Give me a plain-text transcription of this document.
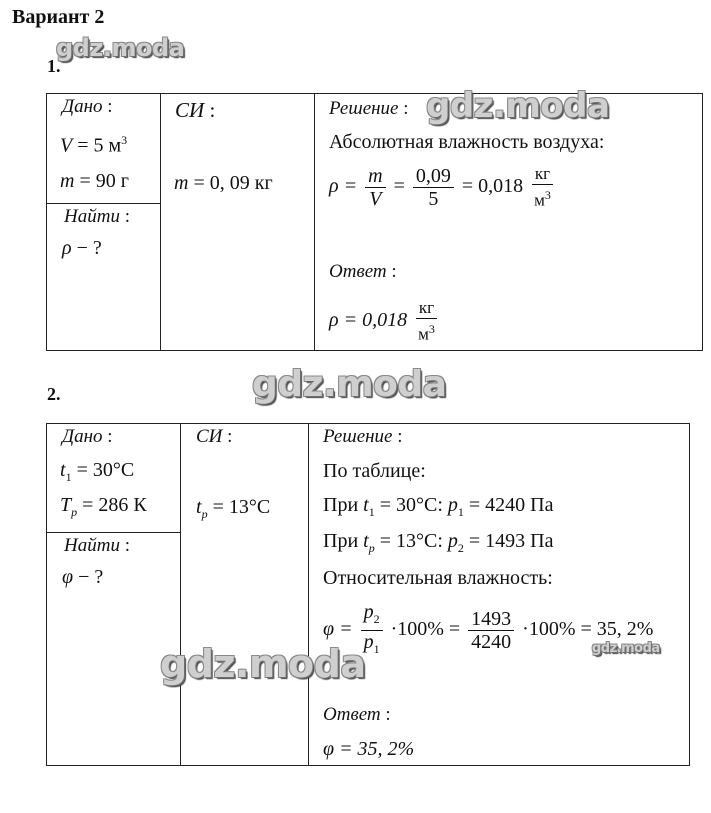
Вариант 2
1.
gdz.moda
Дано :
V = 5 $м^3$
m = 90 г
Найти :
ρ − ?
СИ :
m = 0, 09 кг
Решение : gdz.moda
Абсолютная влажность воздуха:
$\rho = \frac{m}{V} = \frac{0,09}{5} = 0,018 \frac{кг}{м^3}$
Ответ :
$\rho = 0,018 \frac{кг}{м^3}$
2.	gdz.moda
Дано :
$t_1 = 30^\circ C$
$T_р = 286$ К
Найти :
φ − ?
СИ :
$t_р = 13^\circ C$
Решение :
По таблице:
При $t_1 = 30^\circ C$: $p_1 = 4240$ Па
При $t_р = 13^\circ C$: $p_2 = 1493$ Па
Относительная влажность:
$\varphi = \frac{p_2}{p_1} \cdot 100\% = \frac{1493}{4240} \cdot 100\% = 35$, 2%
gdz.moda
gdz.moda
Ответ :
φ = 35, 2%
